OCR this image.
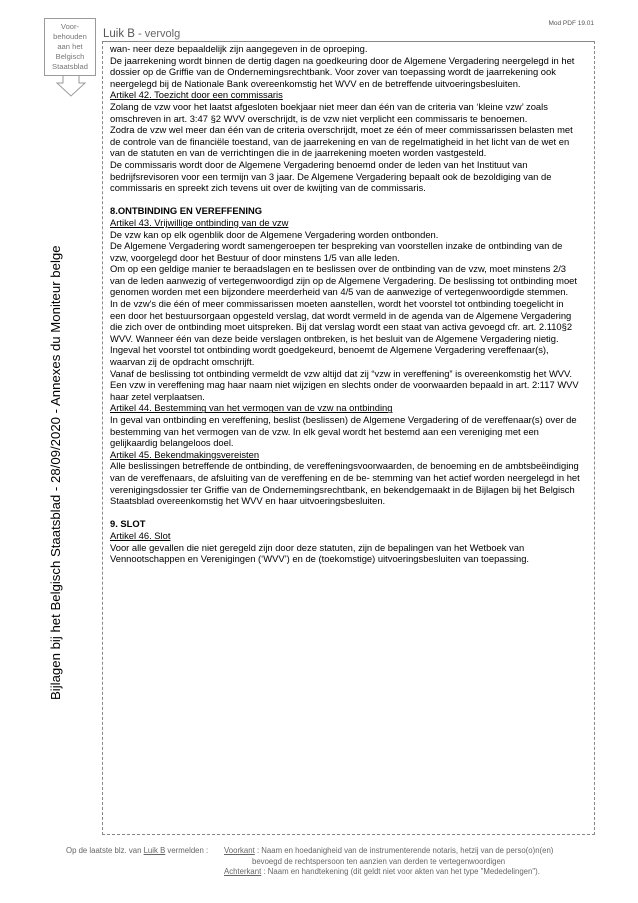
Voor-
behouden
aan het
Belgisch
Staatsblad
Bijlagen bij het Belgisch Staatsblad - 28/09/2020 - Annexes du Moniteur belge
Luik B - vervolg
Mod PDF 19.01

wan- neer deze bepaaldelijk zijn aangegeven in de oproeping.

De jaarrekening wordt binnen de dertig dagen na goedkeuring door de Algemene Vergadering neergelegd in het

dossier op de Griffie van de Ondernemingsrechtbank. Voor zover van toepassing wordt de jaarrekening ook

neergelegd bij de Nationale Bank overeenkomstig het WVV en de betreffende uitvoeringsbesluiten.

Artikel 42. Toezicht door een commissaris

Zolang de vzw voor het laatst afgesloten boekjaar niet meer dan één van de criteria van ‘kleine vzw’ zoals

omschreven in art. 3:47 §2 WVV overschrijdt, is de vzw niet verplicht een commissaris te benoemen.

Zodra de vzw wel meer dan één van de criteria overschrijdt, moet ze één of meer commissarissen belasten met

de controle van de financiële toestand, van de jaarrekening en van de regelmatigheid in het licht van de wet en

van de statuten en van de verrichtingen die in de jaarrekening moeten worden vastgesteld.

De commissaris wordt door de Algemene Vergadering benoemd onder de leden van het Instituut van

bedrijfsrevisoren voor een termijn van 3 jaar. De Algemene Vergadering bepaalt ook de bezoldiging van de

commissaris en spreekt zich tevens uit over de kwijting van de commissaris.

8.ONTBINDING EN VEREFFENING

Artikel 43. Vrijwillige ontbinding van de vzw

De vzw kan op elk ogenblik door de Algemene Vergadering worden ontbonden.

De Algemene Vergadering wordt samengeroepen ter bespreking van voorstellen inzake de ontbinding van de

vzw, voorgelegd door het Bestuur of door minstens 1/5 van alle leden.

Om op een geldige manier te beraadslagen en te beslissen over de ontbinding van de vzw, moet minstens 2/3

van de leden aanwezig of vertegenwoordigd zijn op de Algemene Vergadering. De beslissing tot ontbinding moet

genomen worden met een bijzondere meerderheid van 4/5 van de aanwezige of vertegenwoordigde stemmen.

In de vzw's die één of meer commissarissen moeten aanstellen, wordt het voorstel tot ontbinding toegelicht in

een door het bestuursorgaan opgesteld verslag, dat wordt vermeld in de agenda van de Algemene Vergadering

die zich over de ontbinding moet uitspreken. Bij dat verslag wordt een staat van activa gevoegd cfr. art. 2.110§2

WVV. Wanneer één van deze beide verslagen ontbreken, is het besluit van de Algemene Vergadering nietig.

Ingeval het voorstel tot ontbinding wordt goedgekeurd, benoemt de Algemene Vergadering vereffenaar(s),

waarvan zij de opdracht omschrijft.

Vanaf de beslissing tot ontbinding vermeldt de vzw altijd dat zij “vzw in vereffening” is overeenkomstig het WVV.

Een vzw in vereffening mag haar naam niet wijzigen en slechts onder de voorwaarden bepaald in art. 2:117 WVV

haar zetel verplaatsen.

Artikel 44. Bestemming van het vermogen van de vzw na ontbinding

In geval van ontbinding en vereffening, beslist (beslissen) de Algemene Vergadering of de vereffenaar(s) over de

bestemming van het vermogen van de vzw. In elk geval wordt het bestemd aan een vereniging met een

gelijkaardig belangeloos doel.

Artikel 45. Bekendmakingsvereisten

Alle beslissingen betreffende de ontbinding, de vereffeningsvoorwaarden, de benoeming en de ambtsbeëindiging

van de vereffenaars, de afsluiting van de vereffening en de be- stemming van het actief worden neergelegd in het

verenigingsdossier ter Griffie van de Ondernemingsrechtbank, en bekendgemaakt in de Bijlagen bij het Belgisch

Staatsblad overeenkomstig het WVV en haar uitvoeringsbesluiten.

9. SLOT

Artikel 46. Slot

Voor alle gevallen die niet geregeld zijn door deze statuten, zijn de bepalingen van het Wetboek van

Vennootschappen en Verenigingen (‘WVV’) en de (toekomstige) uitvoeringsbesluiten van toepassing.

Op de laatste blz. van Luik B vermelden : Voorkant : Naam en hoedanigheid van de instrumenterende notaris, hetzij van de perso(o)n(en)
bevoegd de rechtspersoon ten aanzien van derden te vertegenwoordigen
Achterkant : Naam en handtekening (dit geldt niet voor akten van het type "Mededelingen").
